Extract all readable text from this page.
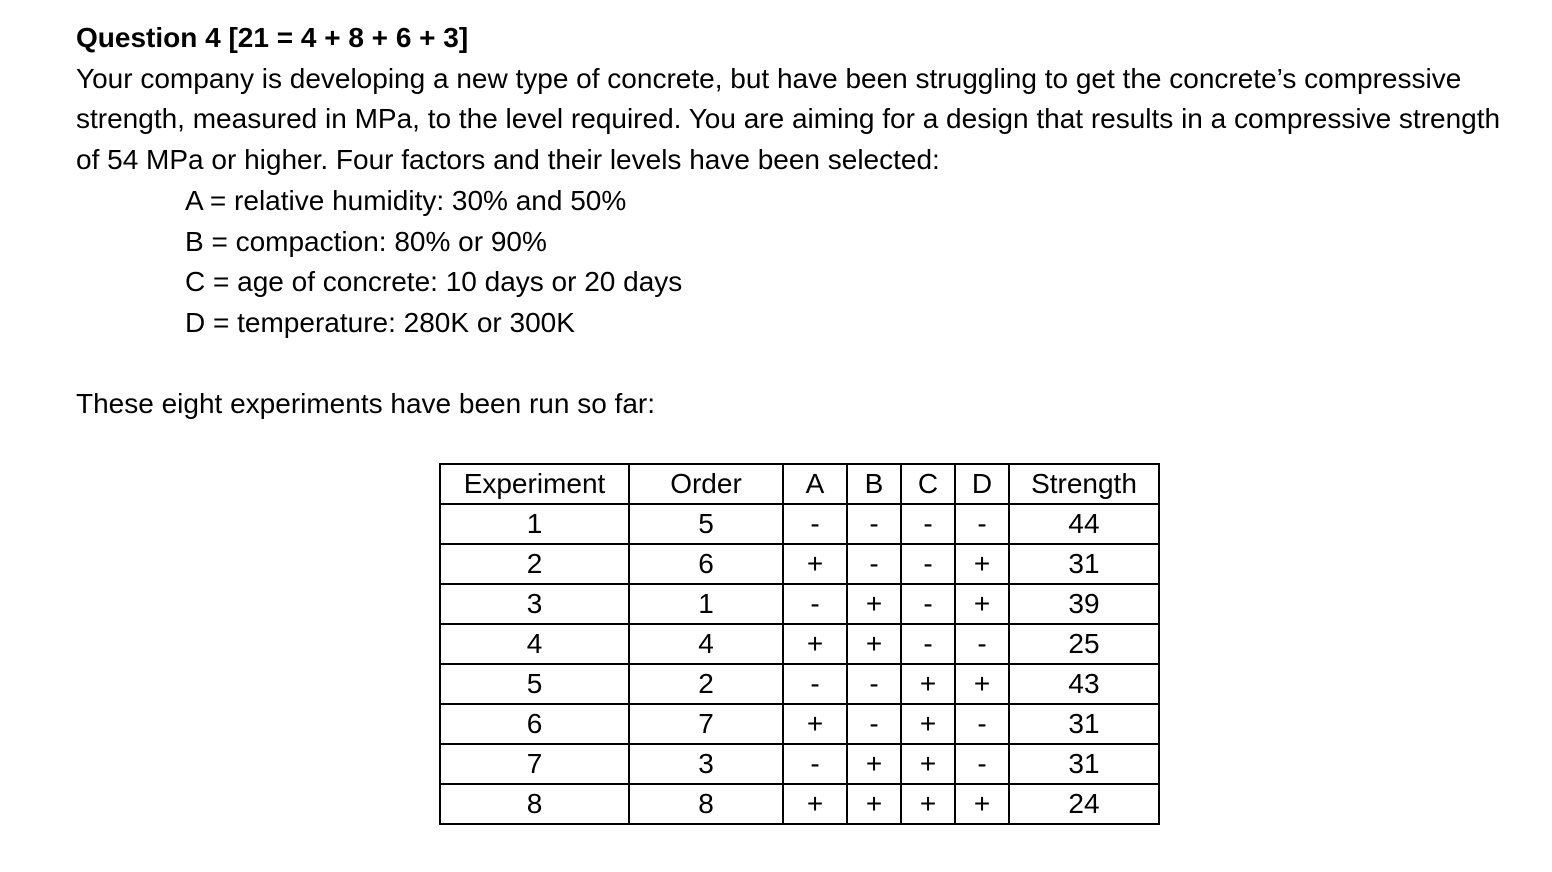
Question 4 [21 = 4 + 8 + 6 + 3]

Your company is developing a new type of concrete, but have been struggling to get the concrete’s compressive strength, measured in MPa, to the level required. You are aiming for a design that results in a compressive strength of 54 MPa or higher. Four factors and their levels have been selected:

A = relative humidity: 30% and 50%
B = compaction: 80% or 90%
C = age of concrete: 10 days or 20 days
D = temperature: 280K or 300K

These eight experiments have been run so far:

Experiment	Order	A	B	C	D	Strength
1	5	-	-	-	-	44
2	6	+	-	-	+	31
3	1	-	+	-	+	39
4	4	+	+	-	-	25
5	2	-	-	+	+	43
6	7	+	-	+	-	31
7	3	-	+	+	-	31
8	8	+	+	+	+	24
